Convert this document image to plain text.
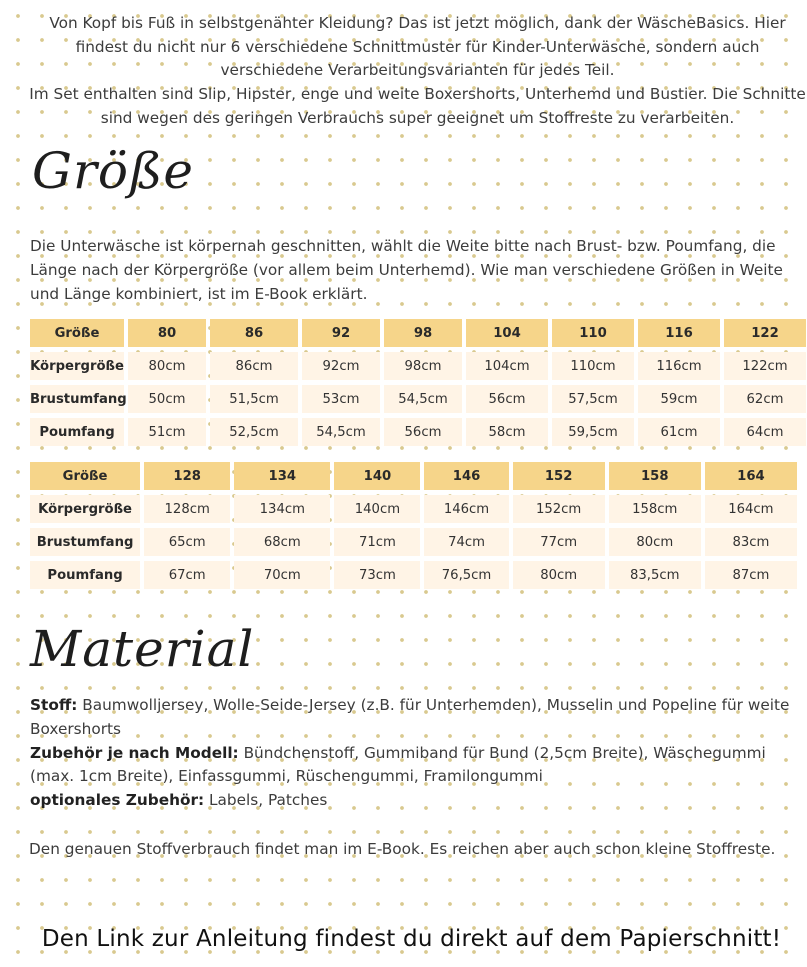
Von Kopf bis Fuß in selbstgenähter Kleidung? Das ist jetzt möglich, dank der WäscheBasics. Hier findest du nicht nur 6 verschiedene Schnittmuster für Kinder-Unterwäsche, sondern auch verschiedene Verarbeitungsvarianten für jedes Teil.

Im Set enthalten sind Slip, Hipster, enge und weite Boxershorts, Unterhemd und Bustier. Die Schnitte sind wegen des geringen Verbrauchs super geeignet um Stoffreste zu verarbeiten.

Größe

Die Unterwäsche ist körpernah geschnitten, wählt die Weite bitte nach Brust- bzw. Poumfang, die Länge nach der Körpergröße (vor allem beim Unterhemd). Wie man verschiedene Größen in Weite und Länge kombiniert, ist im E-Book erklärt.

Größe	80	86	92	98	104	110	116	122
Körpergröße	80cm	86cm	92cm	98cm	104cm	110cm	116cm	122cm
Brustumfang	50cm	51,5cm	53cm	54,5cm	56cm	57,5cm	59cm	62cm
Poumfang	51cm	52,5cm	54,5cm	56cm	58cm	59,5cm	61cm	64cm
Größe	128	134	140	146	152	158	164
Körpergröße	128cm	134cm	140cm	146cm	152cm	158cm	164cm
Brustumfang	65cm	68cm	71cm	74cm	77cm	80cm	83cm
Poumfang	67cm	70cm	73cm	76,5cm	80cm	83,5cm	87cm
Material

Stoff: Baumwolljersey, Wolle-Seide-Jersey (z.B. für Unterhemden), Musselin und Popeline für weite Boxershorts

Zubehör je nach Modell: Bündchenstoff, Gummiband für Bund (2,5cm Breite), Wäschegummi (max. 1cm Breite), Einfassgummi, Rüschengummi, Framilongummi

optionales Zubehör: Labels, Patches

Den genauen Stoffverbrauch findet man im E-Book. Es reichen aber auch schon kleine Stoffreste.

Den Link zur Anleitung findest du direkt auf dem Papierschnitt!
